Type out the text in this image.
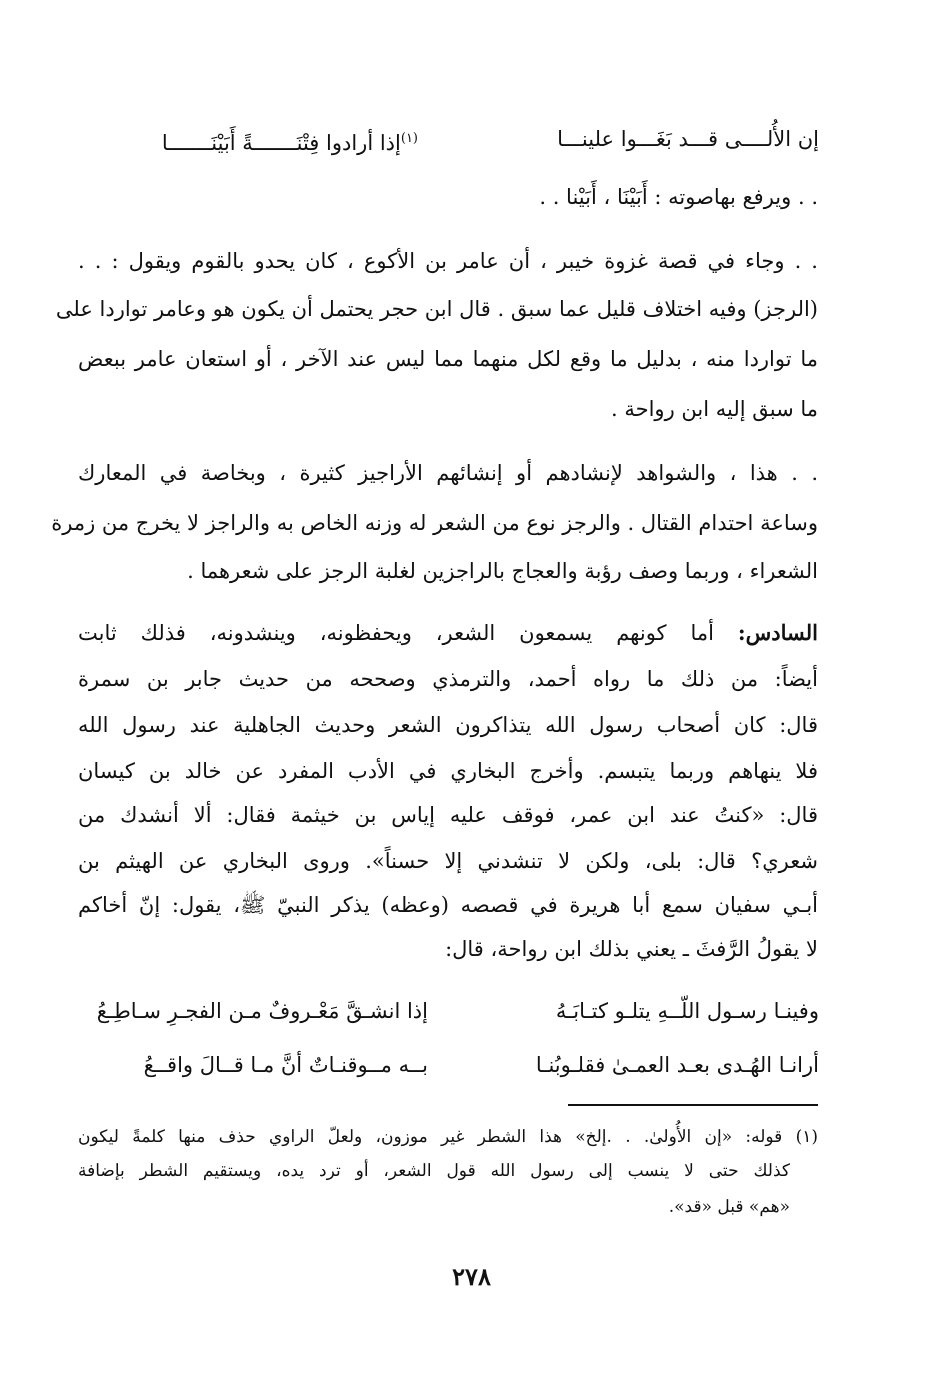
إن الأُلــــى قـــد بَغَـــوا علينـــا
$^{(١)}$إذا أرادوا فِتْنَـــــــةً أَبَيْنَـــــــا
. . ويرفع بهاصوته : أَبَيْنَا ، أَبَيْنا . .
. . وجاء في قصة غزوة خيبر ، أن عامر بن الأكوع ، كان يحدو بالقوم ويقول : . .
(الرجز) وفيه اختلاف قليل عما سبق . قال ابن حجر يحتمل أن يكون هو وعامر تواردا على
ما تواردا منه ، بدليل ما وقع لكل منهما مما ليس عند الآخر ، أو استعان عامر ببعض
ما سبق إليه ابن رواحة .
. . هذا ، والشواهد لإنشادهم أو إنشائهم الأراجيز كثيرة ، وبخاصة في المعارك
وساعة احتدام القتال . والرجز نوع من الشعر له وزنه الخاص به والراجز لا يخرج من زمرة
الشعراء ، وربما وصف رؤبة والعجاج بالراجزين لغلبة الرجز على شعرهما .
السادس: أما كونهم يسمعون الشعر، ويحفظونه، وينشدونه، فذلك ثابت
أيضاً: من ذلك ما رواه أحمد، والترمذي وصححه من حديث جابر بن سمرة
قال: كان أصحاب رسول الله يتذاكرون الشعر وحديث الجاهلية عند رسول الله
فلا ينهاهم وربما يتبسم. وأخرج البخاري في الأدب المفرد عن خالد بن كيسان
قال: «كنتُ عند ابن عمر، فوقف عليه إياس بن خيثمة فقال: ألا أنشدك من
شعري؟ قال: بلى، ولكن لا تنشدني إلا حسناً». وروى البخاري عن الهيثم بن
أبـي سفيان سمع أبا هريرة في قصصه (وعظه) يذكر النبيّ ﷺ، يقول: إنّ أخاكم
لا يقولُ الرَّفثَ ـ يعني بذلك ابن رواحة، قال:
وفينـا رسـول اللّــهِ يتلـو كتـابَـهُ
إذا انشـقَّ مَعْـروفٌ مـن الفجـرِ سـاطِـعُ
أرانـا الهُـدى بعـد العمـىٰ فقلـوبُنـا
بــه مــوقنـاتٌ أنَّ مـا قــالَ واقــعُ
(١) قوله: «إن الأُولىٰ. . .إلخ» هذا الشطر غير موزون، ولعلّ الراوي حذف منها كلمةً ليكون
كذلك حتى لا ينسب إلى رسول الله قول الشعر، أو ترد يده، ويستقيم الشطر بإضافة
«هم» قبل «قد».
٢٧٨
